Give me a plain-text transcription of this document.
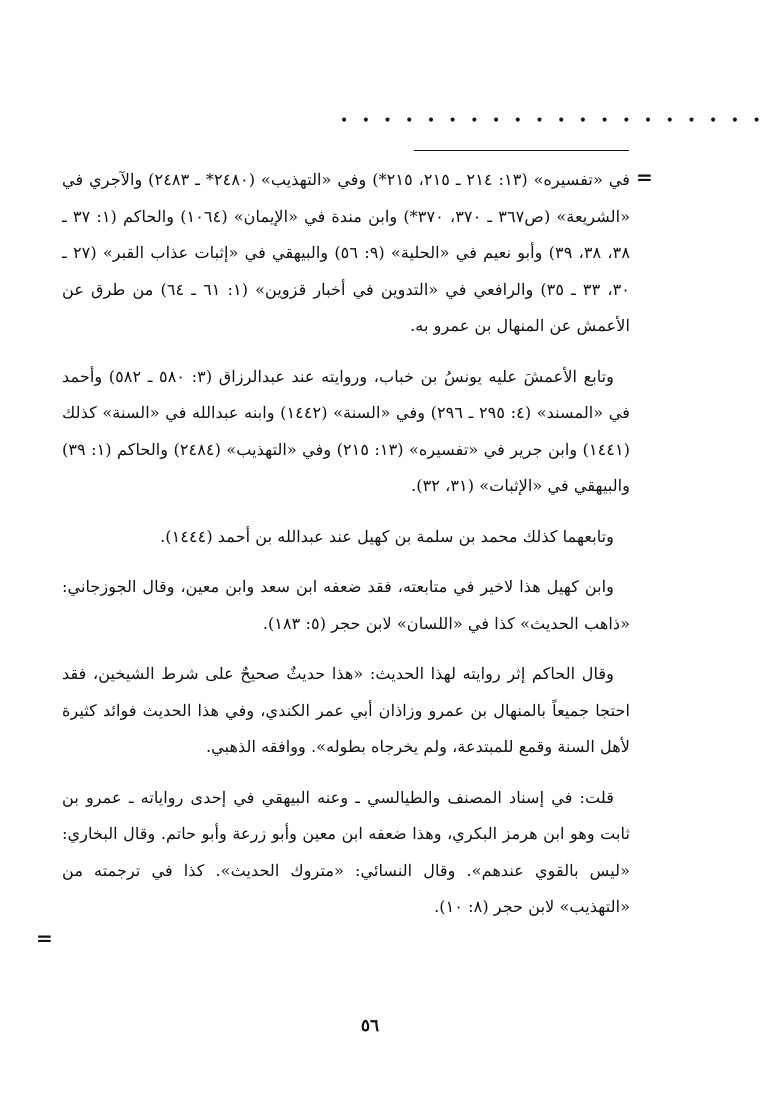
• • • • • • • • • • • • • • • • • • • •
=

في «تفسيره» (١٣: ٢١٤ ـ ٢١٥، ٢١٥*) وفي «التهذيب» (٢٤٨٠* ـ ٢٤٨٣) والآجري في «الشريعة» (ص٣٦٧ ـ ٣٧٠، ٣٧٠*) وابن مندة في «الإيمان» (١٠٦٤) والحاكم (١: ٣٧ ـ ٣٨، ٣٨، ٣٩) وأبو نعيم في «الحلية» (٩: ٥٦) والبيهقي في «إثبات عذاب القبر» (٢٧ ـ ٣٠، ٣٣ ـ ٣٥) والرافعي في «التدوين في أخبار قزوين» (١: ٦١ ـ ٦٤) من طرق عن الأعمش عن المنهال بن عمرو به.

وتابع الأعمشَ عليه يونسُ بن خباب، وروايته عند عبدالرزاق (٣: ٥٨٠ ـ ٥٨٢) وأحمد في «المسند» (٤: ٢٩٥ ـ ٢٩٦) وفي «السنة» (١٤٤٢) وابنه عبدالله في «السنة» كذلك (١٤٤١) وابن جرير في «تفسيره» (١٣: ٢١٥) وفي «التهذيب» (٢٤٨٤) والحاكم (١: ٣٩) والبيهقي في «الإثبات» (٣١، ٣٢).

وتابعهما كذلك محمد بن سلمة بن كهيل عند عبدالله بن أحمد (١٤٤٤).

وابن كهيل هذا لاخير في متابعته، فقد ضعفه ابن سعد وابن معين، وقال الجوزجاني: «ذاهب الحديث» كذا في «اللسان» لابن حجر (٥: ١٨٣).

وقال الحاكم إثر روايته لهذا الحديث: «هذا حديثٌ صحيحٌ على شرط الشيخين، فقد احتجا جميعاً بالمنهال بن عمرو وزاذان أبي عمر الكندي، وفي هذا الحديث فوائد كثيرة لأهل السنة وقمع للمبتدعة، ولم يخرجاه بطوله». ووافقه الذهبي.

قلت: في إسناد المصنف والطيالسي ـ وعنه البيهقي في إحدى رواياته ـ عمرو بن ثابت وهو ابن هرمز البكري، وهذا ضعفه ابن معين وأبو زرعة وأبو حاتم. وقال البخاري: «ليس بالقوي عندهم». وقال النسائي: «متروك الحديث». كذا في ترجمته من «التهذيب» لابن حجر (٨: ١٠).

=
٥٦
